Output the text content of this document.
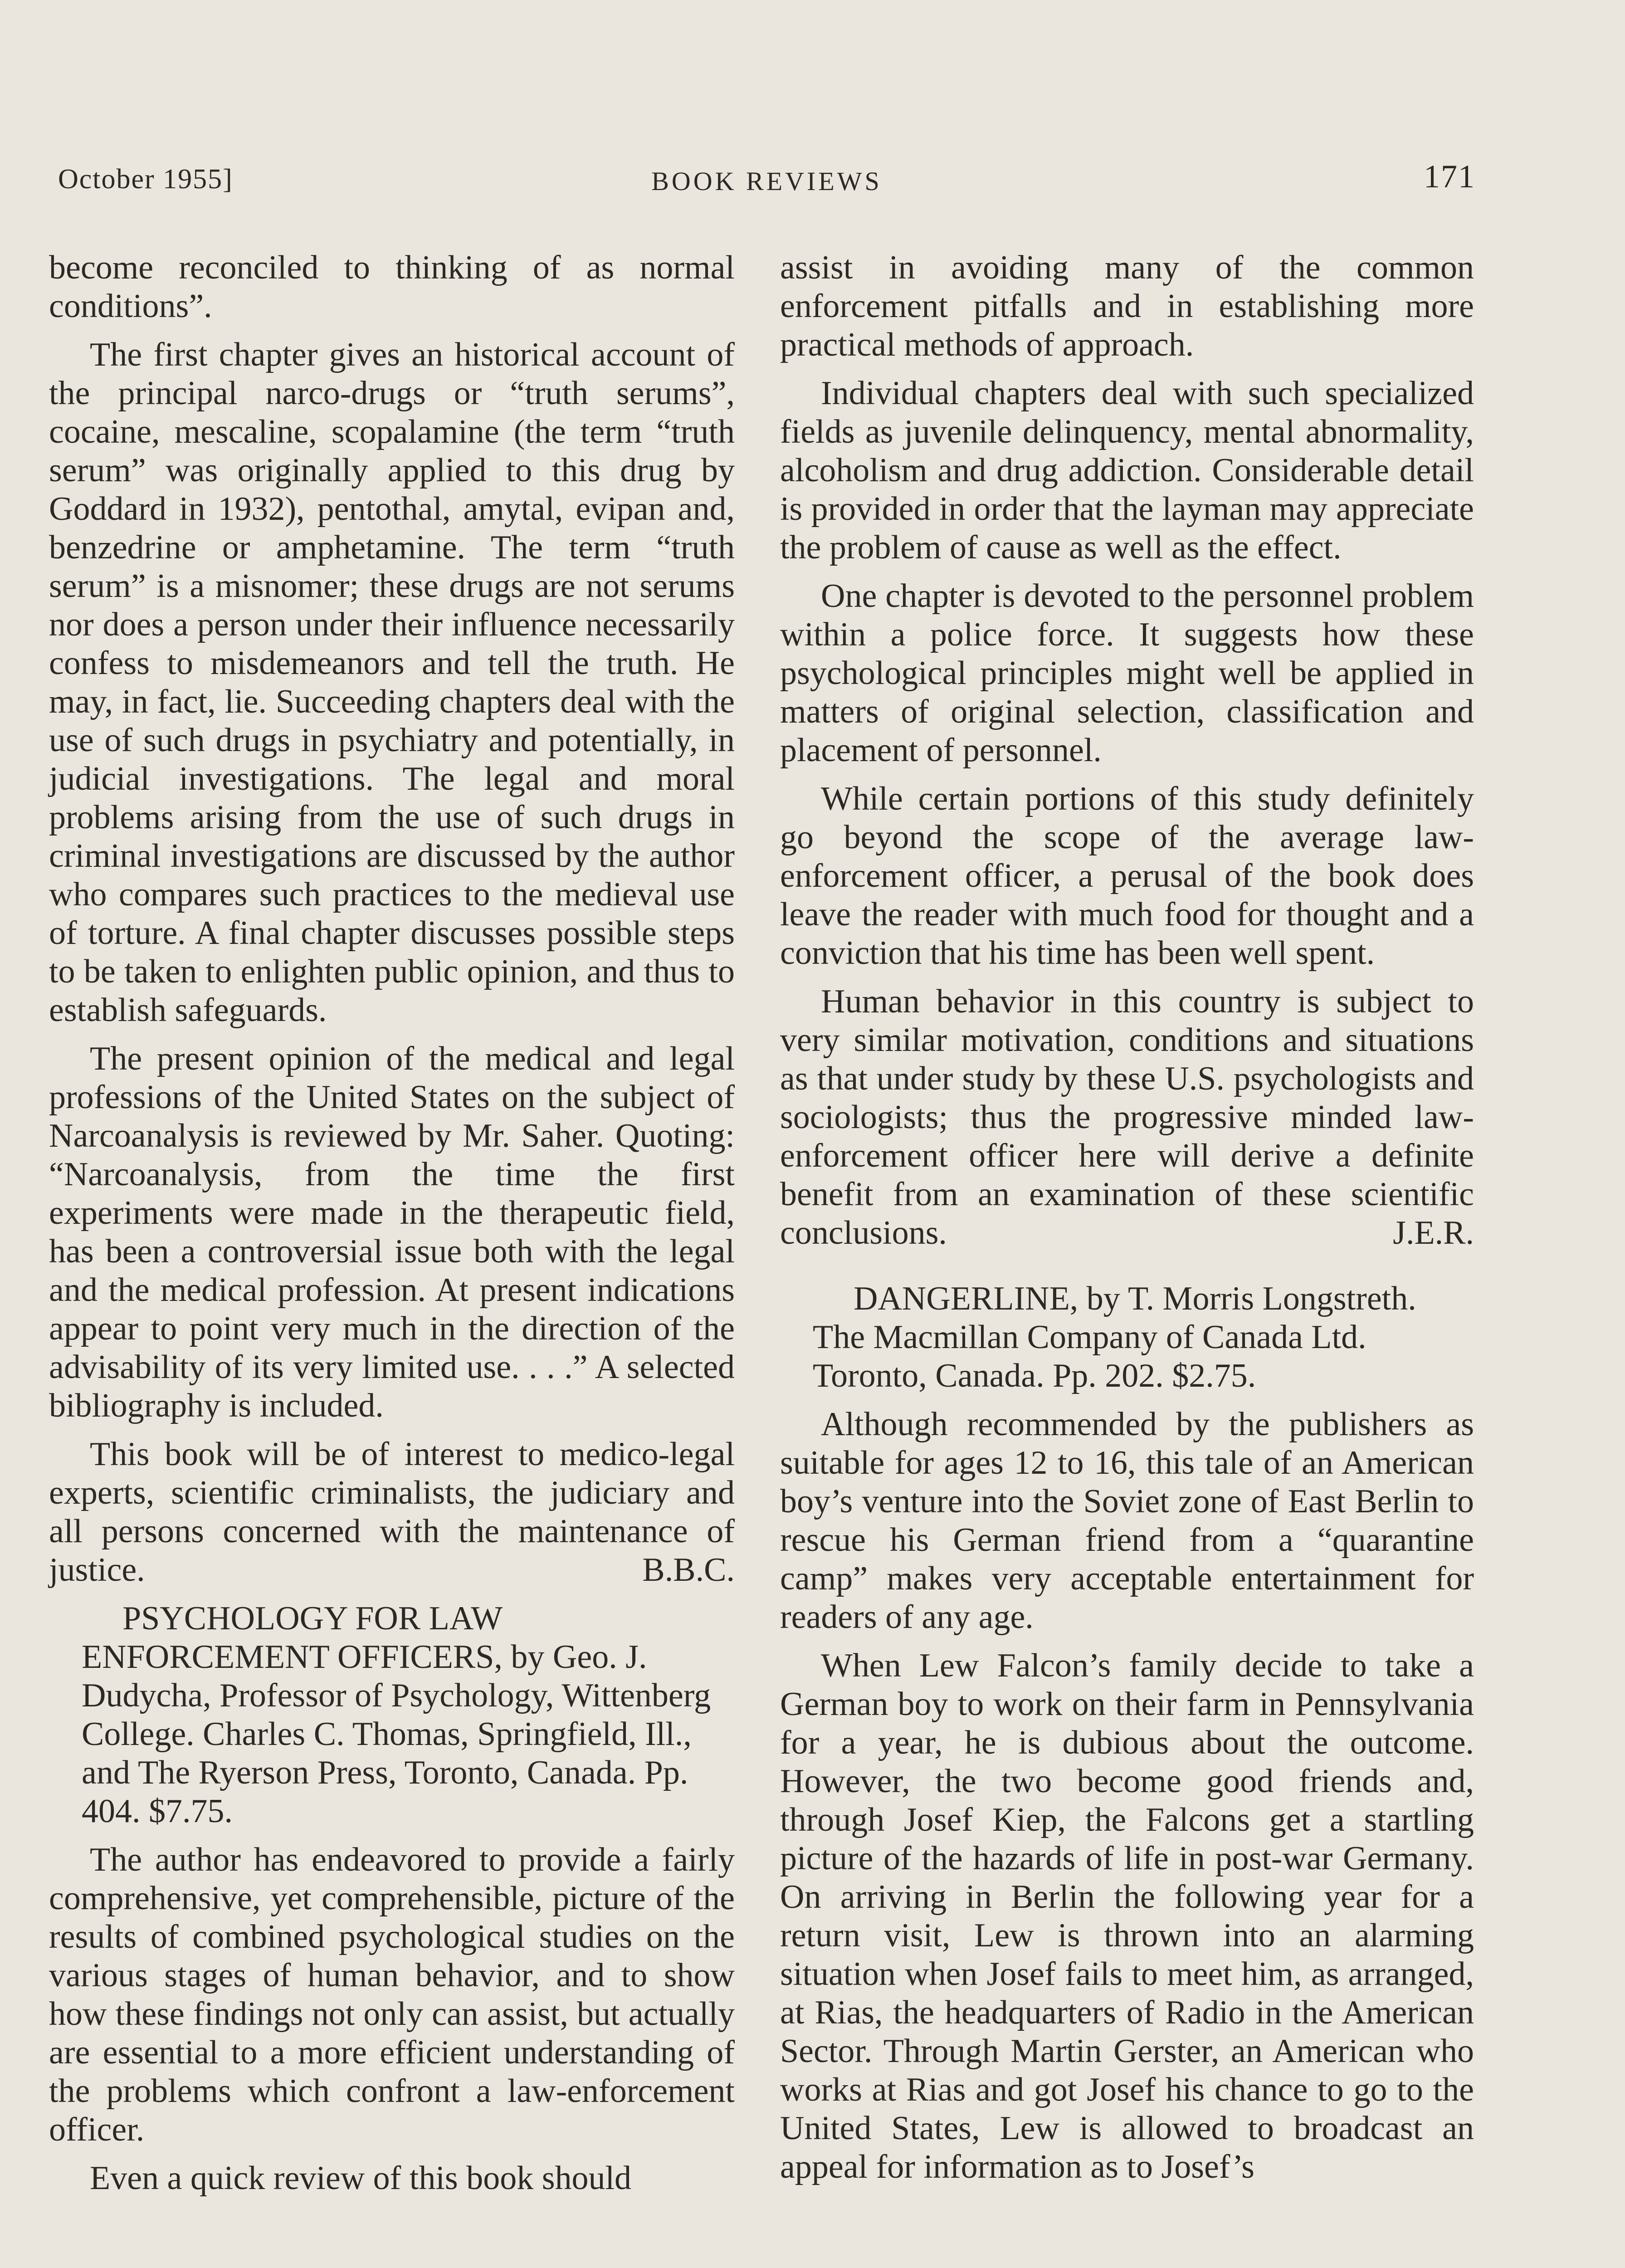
October 1955]	BOOK REVIEWS	171

become reconciled to thinking of as normal conditions”.

The first chapter gives an historical account of the principal narco-drugs or “truth serums”, cocaine, mescaline, scopalamine (the term “truth serum” was originally applied to this drug by Goddard in 1932), pentothal, amytal, evipan and, benzedrine or amphetamine. The term “truth serum” is a misnomer; these drugs are not serums nor does a person under their influence necessarily confess to misdemeanors and tell the truth. He may, in fact, lie. Succeeding chapters deal with the use of such drugs in psychiatry and potentially, in judicial investigations. The legal and moral problems arising from the use of such drugs in criminal investigations are discussed by the author who compares such practices to the medieval use of torture. A final chapter discusses possible steps to be taken to enlighten public opinion, and thus to establish safeguards.

The present opinion of the medical and legal professions of the United States on the subject of Narcoanalysis is reviewed by Mr. Saher. Quoting: “Narcoanalysis, from the time the first experiments were made in the therapeutic field, has been a controversial issue both with the legal and the medical profession. At present indications appear to point very much in the direction of the advisability of its very limited use. . . .” A selected bibliography is included.

This book will be of interest to medico-legal experts, scientific criminalists, the judiciary and all persons concerned with the maintenance of justice.	B.B.C.

PSYCHOLOGY FOR LAW ENFORCEMENT OFFICERS, by Geo. J. Dudycha, Professor of Psychology, Wittenberg College. Charles C. Thomas, Springfield, Ill., and The Ryerson Press, Toronto, Canada. Pp. 404. $7.75.

The author has endeavored to provide a fairly comprehensive, yet comprehensible, picture of the results of combined psychological studies on the various stages of human behavior, and to show how these findings not only can assist, but actually are essential to a more efficient understanding of the problems which confront a law-enforcement officer.

Even a quick review of this book should

assist in avoiding many of the common enforcement pitfalls and in establishing more practical methods of approach.

Individual chapters deal with such specialized fields as juvenile delinquency, mental abnormality, alcoholism and drug addiction. Considerable detail is provided in order that the layman may appreciate the problem of cause as well as the effect.

One chapter is devoted to the personnel problem within a police force. It suggests how these psychological principles might well be applied in matters of original selection, classification and placement of personnel.

While certain portions of this study definitely go beyond the scope of the average law-enforcement officer, a perusal of the book does leave the reader with much food for thought and a conviction that his time has been well spent.

Human behavior in this country is subject to very similar motivation, conditions and situations as that under study by these U.S. psychologists and sociologists; thus the progressive minded law-enforcement officer here will derive a definite benefit from an examination of these scientific conclusions.	J.E.R.

DANGERLINE, by T. Morris Longstreth. The Macmillan Company of Canada Ltd. Toronto, Canada. Pp. 202. $2.75.

Although recommended by the publishers as suitable for ages 12 to 16, this tale of an American boy’s venture into the Soviet zone of East Berlin to rescue his German friend from a “quarantine camp” makes very acceptable entertainment for readers of any age.

When Lew Falcon’s family decide to take a German boy to work on their farm in Pennsylvania for a year, he is dubious about the outcome. However, the two become good friends and, through Josef Kiep, the Falcons get a startling picture of the hazards of life in post-war Germany. On arriving in Berlin the following year for a return visit, Lew is thrown into an alarming situation when Josef fails to meet him, as arranged, at Rias, the headquarters of Radio in the American Sector. Through Martin Gerster, an American who works at Rias and got Josef his chance to go to the United States, Lew is allowed to broadcast an appeal for information as to Josef’s
